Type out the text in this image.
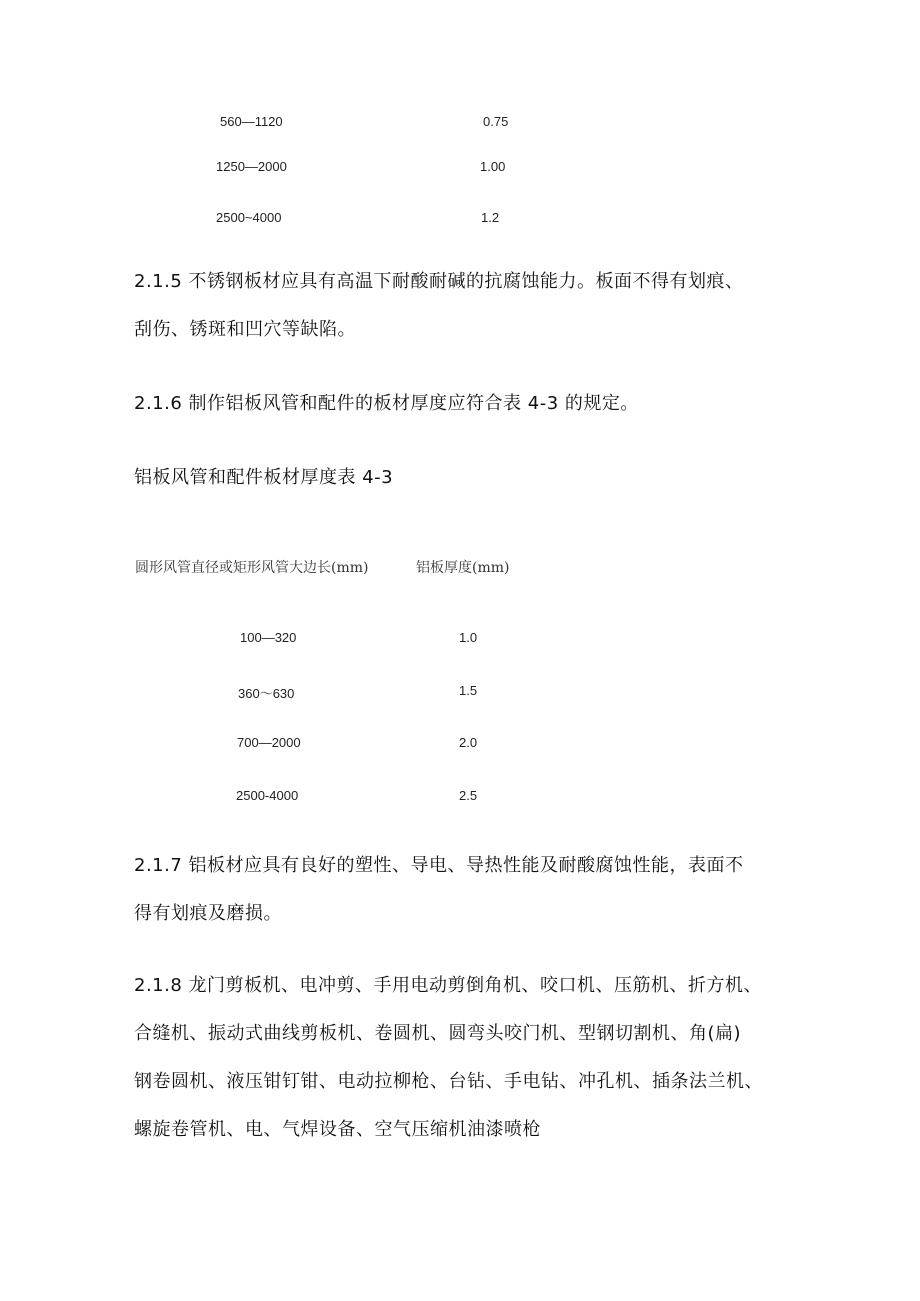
560—1120	0.75
1250—2000	1.00
2500~4000	1.2
2.1.5 不锈钢板材应具有高温下耐酸耐碱的抗腐蚀能力。板面不得有划痕、
刮伤、锈斑和凹穴等缺陷。
2.1.6 制作铝板风管和配件的板材厚度应符合表 4-3 的规定。
铝板风管和配件板材厚度表 4-3
圆形风管直径或矩形风管大边长(mm)	铝板厚度(mm)
100—320	1.0
360～630	1.5
700—2000	2.0
2500-4000	2.5
2.1.7 铝板材应具有良好的塑性、导电、导热性能及耐酸腐蚀性能，表面不
得有划痕及磨损。
2.1.8 龙门剪板机、电冲剪、手用电动剪倒角机、咬口机、压筋机、折方机、
合缝机、振动式曲线剪板机、卷圆机、圆弯头咬门机、型钢切割机、角(扁)
钢卷圆机、液压钳钉钳、电动拉柳枪、台钻、手电钻、冲孔机、插条法兰机、
螺旋卷管机、电、气焊设备、空气压缩机油漆喷枪
